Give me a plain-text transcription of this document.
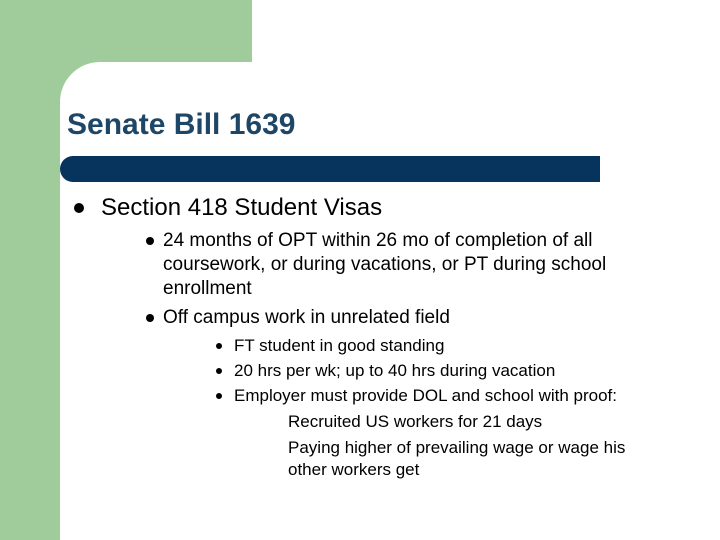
Senate Bill 1639
Section 418 Student Visas
24 months of OPT within 26 mo of completion of all
coursework, or during vacations, or PT during school
enrollment
Off campus work in unrelated field
FT student in good standing
20 hrs per wk; up to 40 hrs during vacation
Employer must provide DOL and school with proof:
Recruited US workers for 21 days
Paying higher of prevailing wage or wage his
other workers get
